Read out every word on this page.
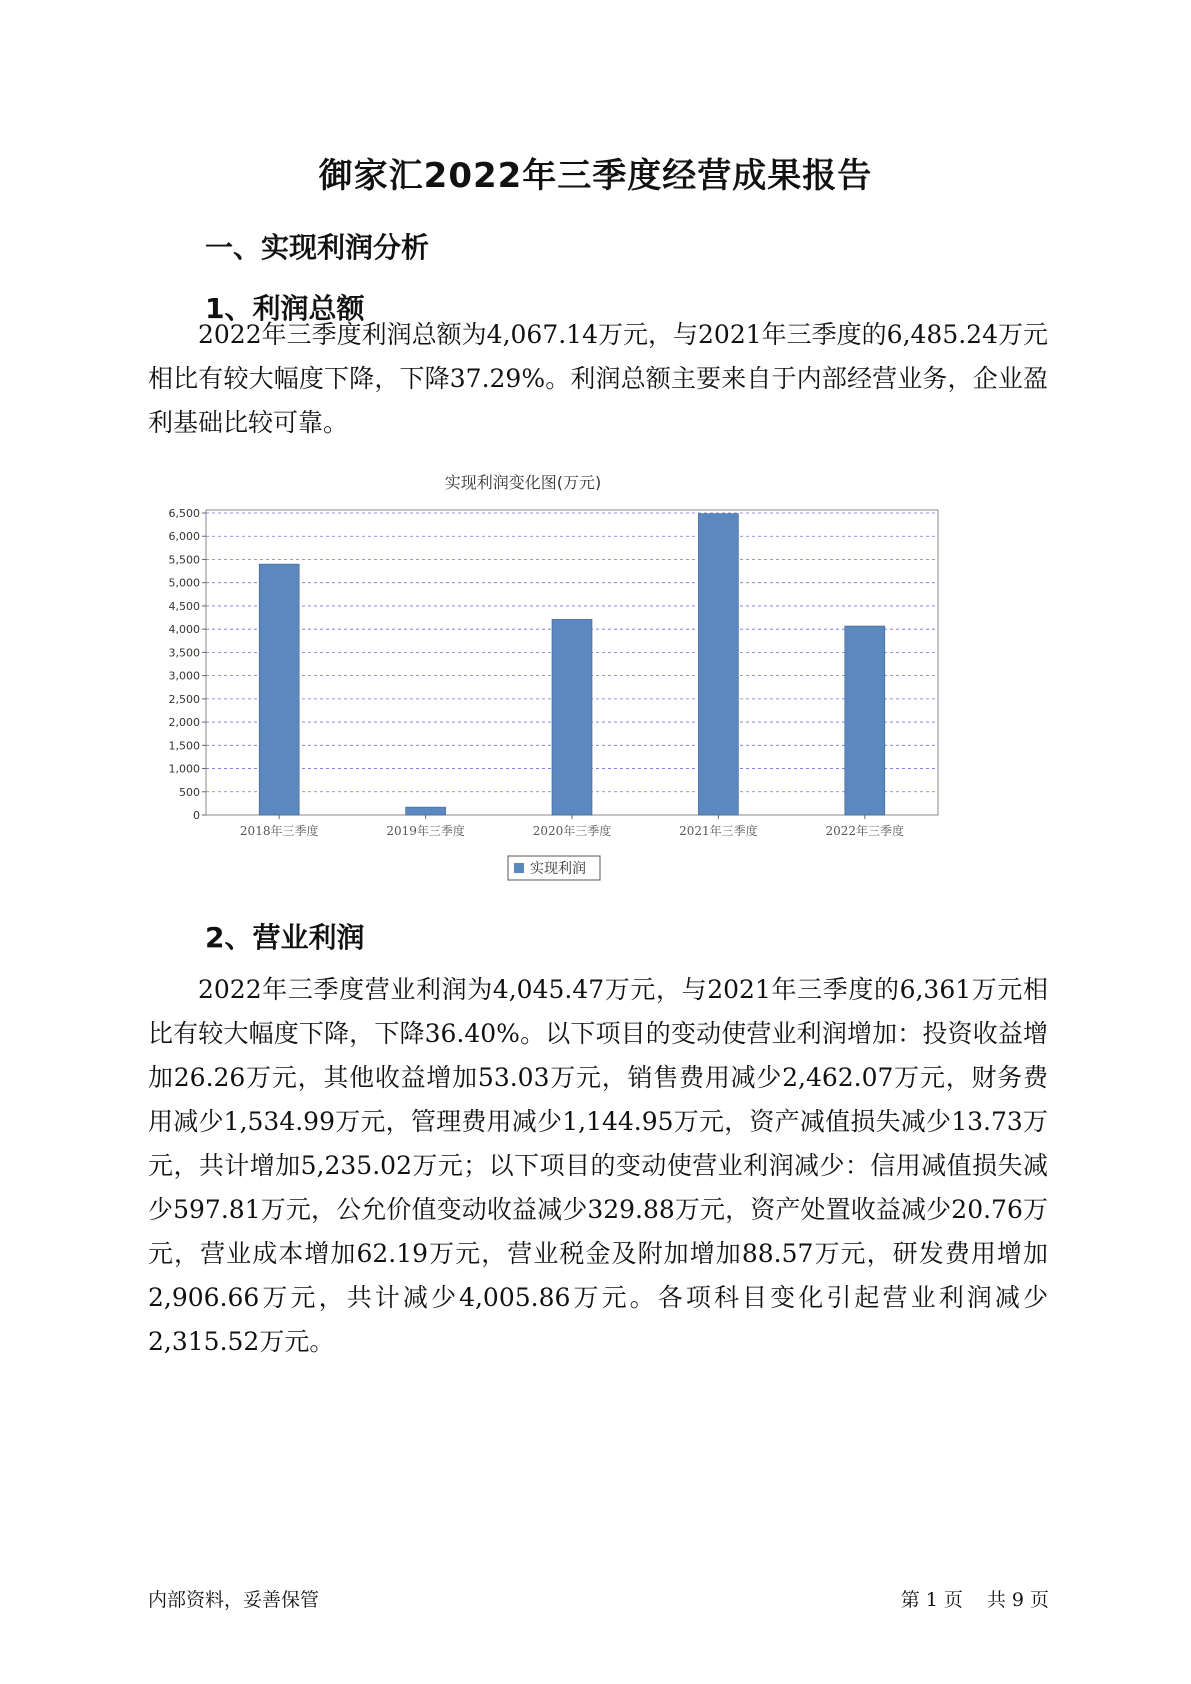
御家汇2022年三季度经营成果报告
一、实现利润分析
1、利润总额

2022年三季度利润总额为4,067.14万元，与2021年三季度的6,485.24万元相比有较大幅度下降，下降37.29%。利润总额主要来自于内部经营业务，企业盈利基础比较可靠。

实现利润变化图(万元)
0
500
1,000
1,500
2,000
2,500
3,000
3,500
4,000
4,500
5,000
5,500
6,000
6,500
2018年三季度	2019年三季度	2020年三季度	2021年三季度	2022年三季度
实现利润
2、营业利润

2022年三季度营业利润为4,045.47万元，与2021年三季度的6,361万元相比有较大幅度下降，下降36.40%。以下项目的变动使营业利润增加：投资收益增加26.26万元，其他收益增加53.03万元，销售费用减少2,462.07万元，财务费用减少1,534.99万元，管理费用减少1,144.95万元，资产减值损失减少13.73万元，共计增加5,235.02万元；以下项目的变动使营业利润减少：信用减值损失减少597.81万元，公允价值变动收益减少329.88万元，资产处置收益减少20.76万元，营业成本增加62.19万元，营业税金及附加增加88.57万元，研发费用增加2,906.66万元，共计减少4,005.86万元。各项科目变化引起营业利润减少2,315.52万元。

内部资料，妥善保管	第 1 页 共 9 页
